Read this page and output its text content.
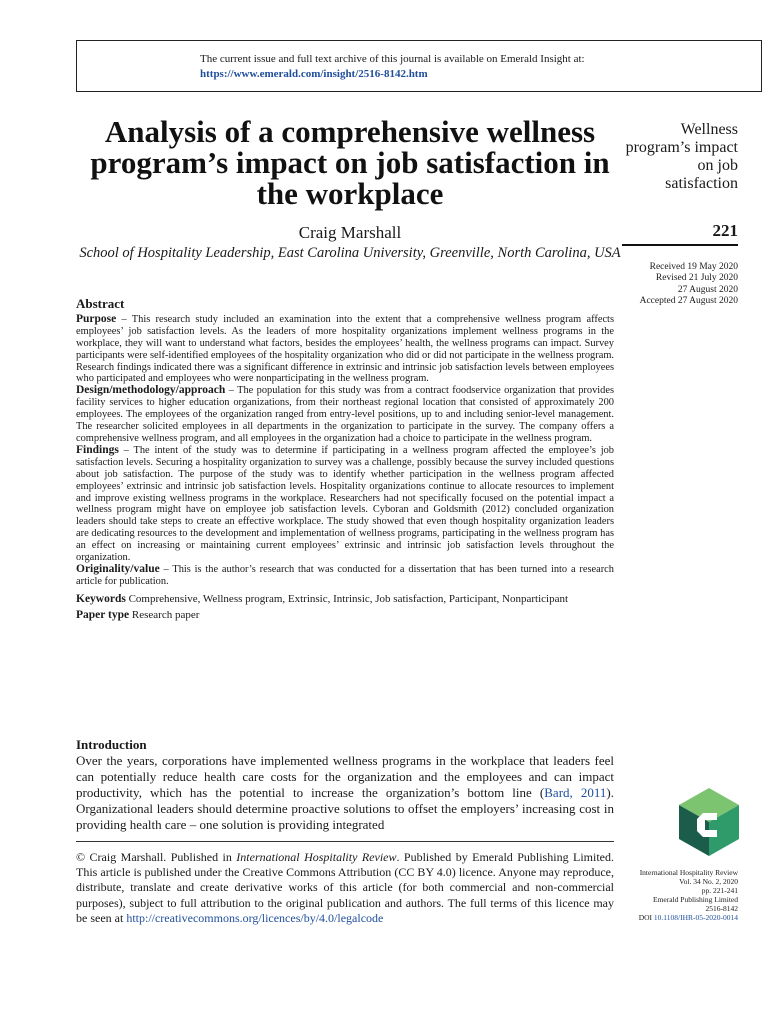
The current issue and full text archive of this journal is available on Emerald Insight at:
https://www.emerald.com/insight/2516-8142.htm
Analysis of a comprehensive wellness program’s impact on job satisfaction in the workplace
Craig Marshall
School of Hospitality Leadership, East Carolina University, Greenville, North Carolina, USA
Wellness program’s impact on job satisfaction
221
Received 19 May 2020
Revised 21 July 2020
27 August 2020
Accepted 27 August 2020
Abstract

Purpose – This research study included an examination into the extent that a comprehensive wellness program affects employees’ job satisfaction levels. As the leaders of more hospitality organizations implement wellness programs in the workplace, they will want to understand what factors, besides the employees’ health, the wellness programs can impact. Survey participants were self-identified employees of the hospitality organization who did or did not participate in the wellness program. Research findings indicated there was a significant difference in extrinsic and intrinsic job satisfaction levels between employees who participated and employees who were nonparticipating in the wellness program.

Design/methodology/approach – The population for this study was from a contract foodservice organization that provides facility services to higher education organizations, from their northeast regional location that consisted of approximately 200 employees. The employees of the organization ranged from entry-level positions, up to and including senior-level management. The researcher solicited employees in all departments in the organization to participate in the survey. The company offers a comprehensive wellness program, and all employees in the organization had a choice to participate in the wellness program.

Findings – The intent of the study was to determine if participating in a wellness program affected the employee’s job satisfaction levels. Securing a hospitality organization to survey was a challenge, possibly because the survey included questions about job satisfaction. The purpose of the study was to identify whether participation in the wellness program affected employees’ extrinsic and intrinsic job satisfaction levels. Hospitality organizations continue to allocate resources to implement and improve existing wellness programs in the workplace. Researchers had not specifically focused on the potential impact a wellness program might have on employee job satisfaction levels. Cyboran and Goldsmith (2012) concluded organization leaders should take steps to create an effective workplace. The study showed that even though hospitality organization leaders are dedicating resources to the development and implementation of wellness programs, participating in the wellness program has an effect on increasing or maintaining current employees’ extrinsic and intrinsic job satisfaction levels throughout the organization.

Originality/value – This is the author’s research that was conducted for a dissertation that has been turned into a research article for publication.

Keywords Comprehensive, Wellness program, Extrinsic, Intrinsic, Job satisfaction, Participant, Nonparticipant

Paper type Research paper

Introduction

Over the years, corporations have implemented wellness programs in the workplace that leaders feel can potentially reduce health care costs for the organization and the employees and can impact productivity, which has the potential to increase the organization’s bottom line (Bard, 2011). Organizational leaders should determine proactive solutions to offset the employers’ increasing cost in providing health care – one solution is providing integrated

© Craig Marshall. Published in International Hospitality Review. Published by Emerald Publishing Limited. This article is published under the Creative Commons Attribution (CC BY 4.0) licence. Anyone may reproduce, distribute, translate and create derivative works of this article (for both commercial and non-commercial purposes), subject to full attribution to the original publication and authors. The full terms of this licence may be seen at http://creativecommons.org/licences/by/4.0/legalcode
International Hospitality Review
Vol. 34 No. 2, 2020
pp. 221-241
Emerald Publishing Limited
2516-8142
DOI 10.1108/IHR-05-2020-0014
